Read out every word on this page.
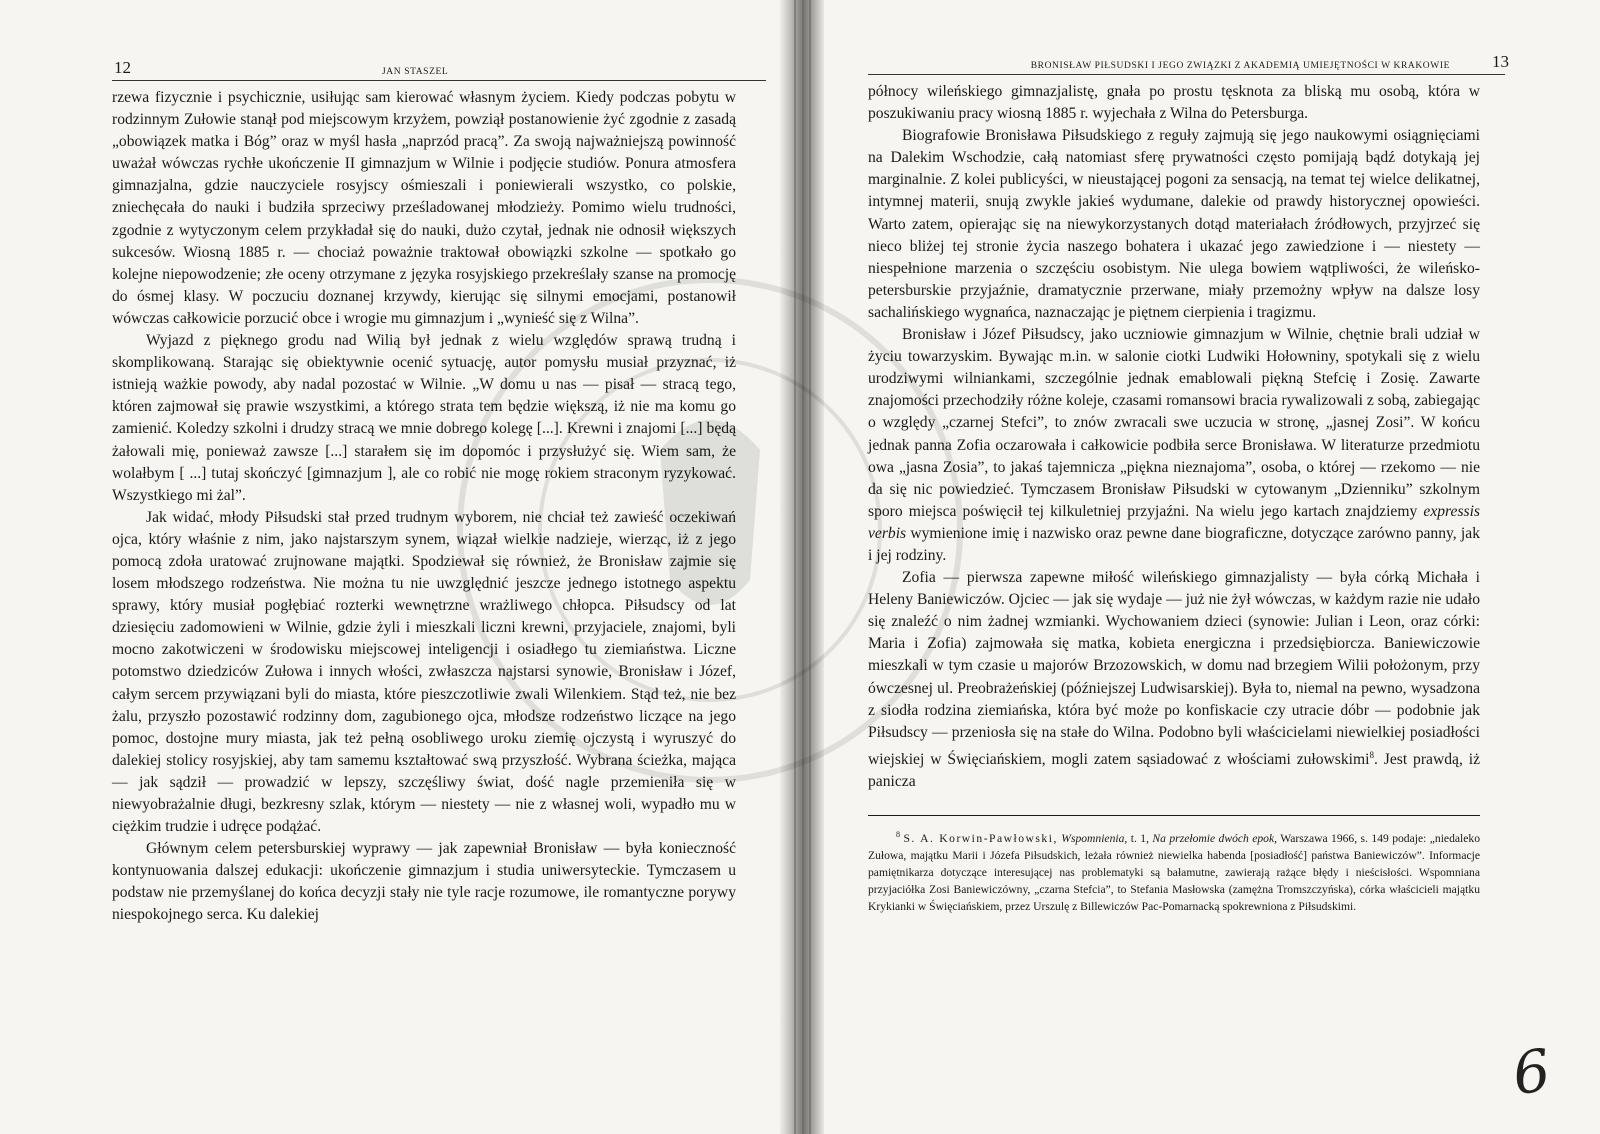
12	JAN STASZEL

rzewa fizycznie i psychicznie, usiłując sam kierować własnym życiem. Kiedy podczas pobytu w rodzinnym Zułowie stanął pod miejscowym krzyżem, powziął postanowienie żyć zgodnie z zasadą „obowiązek matka i Bóg” oraz w myśl hasła „naprzód pracą”. Za swoją najważniejszą powinność uważał wówczas rychłe ukończenie II gimnazjum w Wilnie i podjęcie studiów. Ponura atmosfera gimnazjalna, gdzie nauczyciele rosyjscy ośmieszali i poniewierali wszystko, co polskie, zniechęcała do nauki i budziła sprzeciwy prześladowanej młodzieży. Pomimo wielu trudności, zgodnie z wytyczonym celem przykładał się do nauki, dużo czytał, jednak nie odnosił większych sukcesów. Wiosną 1885 r. — chociaż poważnie traktował obowiązki szkolne — spotkało go kolejne niepowodzenie; złe oceny otrzymane z języka rosyjskiego przekreślały szanse na promocję do ósmej klasy. W poczuciu doznanej krzywdy, kierując się silnymi emocjami, postanowił wówczas całkowicie porzucić obce i wrogie mu gimnazjum i „wynieść się z Wilna”.

Wyjazd z pięknego grodu nad Wilią był jednak z wielu względów sprawą trudną i skomplikowaną. Starając się obiektywnie ocenić sytuację, autor pomysłu musiał przyznać, iż istnieją ważkie powody, aby nadal pozostać w Wilnie. „W domu u nas — pisał — stracą tego, któren zajmował się prawie wszystkimi, a którego strata tem będzie większą, iż nie ma komu go zamienić. Koledzy szkolni i drudzy stracą we mnie dobrego kolegę [...]. Krewni i znajomi [...] będą żałowali mię, ponieważ zawsze [...] starałem się im dopomóc i przysłużyć się. Wiem sam, że wolałbym [ ...] tutaj skończyć [gimnazjum ], ale co robić nie mogę rokiem straconym ryzykować. Wszystkiego mi żal”.

Jak widać, młody Piłsudski stał przed trudnym wyborem, nie chciał też zawieść oczekiwań ojca, który właśnie z nim, jako najstarszym synem, wiązał wielkie nadzieje, wierząc, iż z jego pomocą zdoła uratować zrujnowane majątki. Spodziewał się również, że Bronisław zajmie się losem młodszego rodzeństwa. Nie można tu nie uwzględnić jeszcze jednego istotnego aspektu sprawy, który musiał pogłębiać rozterki wewnętrzne wrażliwego chłopca. Piłsudscy od lat dziesięciu zadomowieni w Wilnie, gdzie żyli i mieszkali liczni krewni, przyjaciele, znajomi, byli mocno zakotwiczeni w środowisku miejscowej inteligencji i osiadłego tu ziemiaństwa. Liczne potomstwo dziedziców Zułowa i innych włości, zwłaszcza najstarsi synowie, Bronisław i Józef, całym sercem przywiązani byli do miasta, które pieszczotliwie zwali Wilenkiem. Stąd też, nie bez żalu, przyszło pozostawić rodzinny dom, zagubionego ojca, młodsze rodzeństwo liczące na jego pomoc, dostojne mury miasta, jak też pełną osobliwego uroku ziemię ojczystą i wyruszyć do dalekiej stolicy rosyjskiej, aby tam samemu kształtować swą przyszłość. Wybrana ścieżka, mająca — jak sądził — prowadzić w lepszy, szczęśliwy świat, dość nagle przemieniła się w niewyobrażalnie długi, bezkresny szlak, którym — niestety — nie z własnej woli, wypadło mu w ciężkim trudzie i udręce podążać.

Głównym celem petersburskiej wyprawy — jak zapewniał Bronisław — była konieczność kontynuowania dalszej edukacji: ukończenie gimnazjum i studia uniwersyteckie. Tymczasem u podstaw nie przemyślanej do końca decyzji stały nie tyle racje rozumowe, ile romantyczne porywy niespokojnego serca. Ku dalekiej

BRONISŁAW PIŁSUDSKI I JEGO ZWIĄZKI Z AKADEMIĄ UMIEJĘTNOŚCI W KRAKOWIE 13

północy wileńskiego gimnazjalistę, gnała po prostu tęsknota za bliską mu osobą, która w poszukiwaniu pracy wiosną 1885 r. wyjechała z Wilna do Petersburga.

Biografowie Bronisława Piłsudskiego z reguły zajmują się jego naukowymi osiągnięciami na Dalekim Wschodzie, całą natomiast sferę prywatności często pomijają bądź dotykają jej marginalnie. Z kolei publicyści, w nieustającej pogoni za sensacją, na temat tej wielce delikatnej, intymnej materii, snują zwykle jakieś wydumane, dalekie od prawdy historycznej opowieści. Warto zatem, opierając się na niewykorzystanych dotąd materiałach źródłowych, przyjrzeć się nieco bliżej tej stronie życia naszego bohatera i ukazać jego zawiedzione i — niestety — niespełnione marzenia o szczęściu osobistym. Nie ulega bowiem wątpliwości, że wileńsko-petersburskie przyjaźnie, dramatycznie przerwane, miały przemożny wpływ na dalsze losy sachalińskiego wygnańca, naznaczając je piętnem cierpienia i tragizmu.

Bronisław i Józef Piłsudscy, jako uczniowie gimnazjum w Wilnie, chętnie brali udział w życiu towarzyskim. Bywając m.in. w salonie ciotki Ludwiki Hołowniny, spotykali się z wielu urodziwymi wilniankami, szczególnie jednak emablowali piękną Stefcię i Zosię. Zawarte znajomości przechodziły różne koleje, czasami romansowi bracia rywalizowali z sobą, zabiegając o względy „czarnej Stefci”, to znów zwracali swe uczucia w stronę, „jasnej Zosi”. W końcu jednak panna Zofia oczarowała i całkowicie podbiła serce Bronisława. W literaturze przedmiotu owa „jasna Zosia”, to jakaś tajemnicza „piękna nieznajoma”, osoba, o której — rzekomo — nie da się nic powiedzieć. Tymczasem Bronisław Piłsudski w cytowanym „Dzienniku” szkolnym sporo miejsca poświęcił tej kilkuletniej przyjaźni. Na wielu jego kartach znajdziemy expressis verbis wymienione imię i nazwisko oraz pewne dane biograficzne, dotyczące zarówno panny, jak i jej rodziny.

Zofia — pierwsza zapewne miłość wileńskiego gimnazjalisty — była córką Michała i Heleny Baniewiczów. Ojciec — jak się wydaje — już nie żył wówczas, w każdym razie nie udało się znaleźć o nim żadnej wzmianki. Wychowaniem dzieci (synowie: Julian i Leon, oraz córki: Maria i Zofia) zajmowała się matka, kobieta energiczna i przedsiębiorcza. Baniewiczowie mieszkali w tym czasie u majorów Brzozowskich, w domu nad brzegiem Wilii położonym, przy ówczesnej ul. Preobrażeńskiej (późniejszej Ludwisarskiej). Była to, niemal na pewno, wysadzona z siodła rodzina ziemiańska, która być może po konfiskacie czy utracie dóbr — podobnie jak Piłsudscy — przeniosła się na stałe do Wilna. Podobno byli właścicielami niewielkiej posiadłości wiejskiej w Święciańskiem, mogli zatem sąsiadować z włościami zułowskimi$^8$. Jest prawdą, iż panicza

$^8$ S. A. Korwin-Pawłowski, Wspomnienia, t. 1, Na przełomie dwóch epok, Warszawa 1966, s. 149 podaje: „niedaleko Zułowa, majątku Marii i Józefa Piłsudskich, leżała również niewielka habenda [posiadłość] państwa Baniewiczów”. Informacje pamiętnikarza dotyczące interesującej nas problematyki są bałamutne, zawierają rażące błędy i nieścisłości. Wspomniana przyjaciółka Zosi Baniewiczówny, „czarna Stefcia”, to Stefania Masłowska (zamężna Tromszczyńska), córka właścicieli majątku Krykianki w Święciańskiem, przez Urszulę z Billewiczów Pac-Pomarnacką spokrewniona z Piłsudskimi.

6
